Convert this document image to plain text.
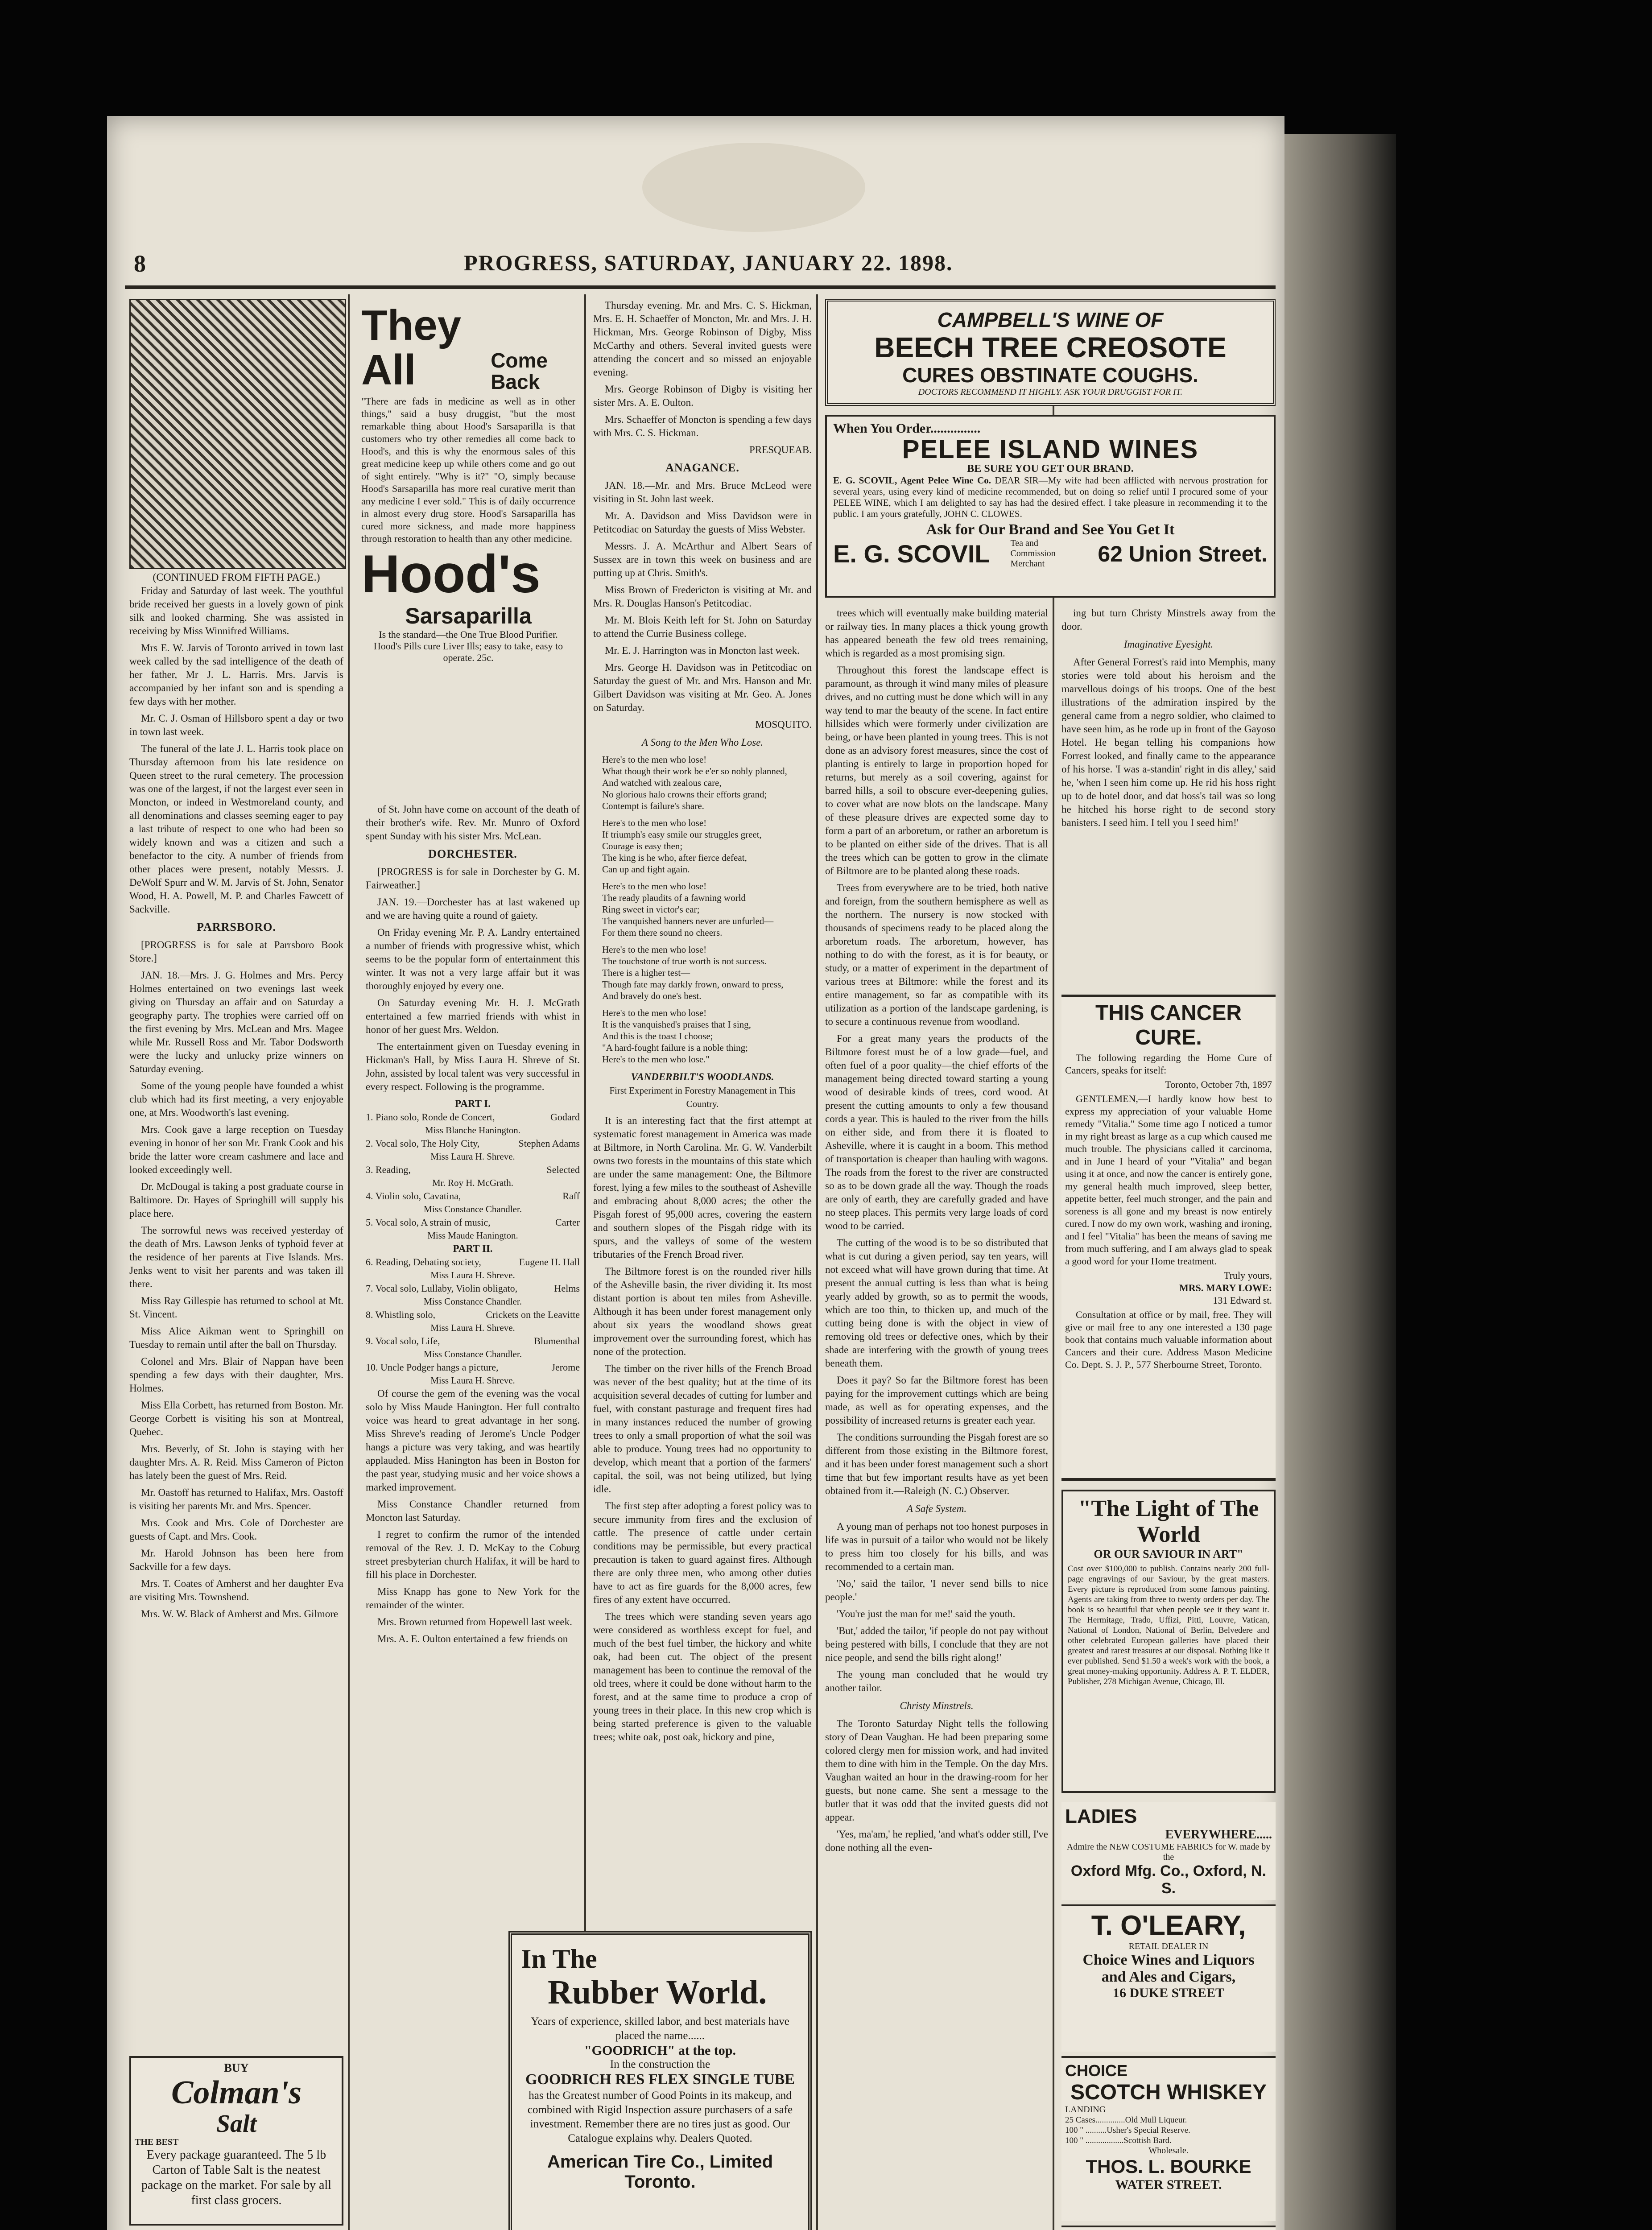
8	PROGRESS, SATURDAY, JANUARY 22. 1898.
(CONTINUED FROM FIFTH PAGE.)

Friday and Saturday of last week. The youthful bride received her guests in a lovely gown of pink silk and looked charming. She was assisted in receiving by Miss Winnifred Williams.

Mrs E. W. Jarvis of Toronto arrived in town last week called by the sad intelligence of the death of her father, Mr J. L. Harris. Mrs. Jarvis is accompanied by her infant son and is spending a few days with her mother.

Mr. C. J. Osman of Hillsboro spent a day or two in town last week.

The funeral of the late J. L. Harris took place on Thursday afternoon from his late residence on Queen street to the rural cemetery. The procession was one of the largest, if not the largest ever seen in Moncton, or indeed in Westmoreland county, and all denominations and classes seeming eager to pay a last tribute of respect to one who had been so widely known and was a citizen and such a benefactor to the city. A number of friends from other places were present, notably Messrs. J. DeWolf Spurr and W. M. Jarvis of St. John, Senator Wood, H. A. Powell, M. P. and Charles Fawcett of Sackville.

PARRSBORO.

[PROGRESS is for sale at Parrsboro Book Store.]

JAN. 18.—Mrs. J. G. Holmes and Mrs. Percy Holmes entertained on two evenings last week giving on Thursday an affair and on Saturday a geography party. The trophies were carried off on the first evening by Mrs. McLean and Mrs. Magee while Mr. Russell Ross and Mr. Tabor Dodsworth were the lucky and unlucky prize winners on Saturday evening.

Some of the young people have founded a whist club which had its first meeting, a very enjoyable one, at Mrs. Woodworth's last evening.

Mrs. Cook gave a large reception on Tuesday evening in honor of her son Mr. Frank Cook and his bride the latter wore cream cashmere and lace and looked exceedingly well.

Dr. McDougal is taking a post graduate course in Baltimore. Dr. Hayes of Springhill will supply his place here.

The sorrowful news was received yesterday of the death of Mrs. Lawson Jenks of typhoid fever at the residence of her parents at Five Islands. Mrs. Jenks went to visit her parents and was taken ill there.

Miss Ray Gillespie has returned to school at Mt. St. Vincent.

Miss Alice Aikman went to Springhill on Tuesday to remain until after the ball on Thursday.

Colonel and Mrs. Blair of Nappan have been spending a few days with their daughter, Mrs. Holmes.

Miss Ella Corbett, has returned from Boston. Mr. George Corbett is visiting his son at Montreal, Quebec.

Mrs. Beverly, of St. John is staying with her daughter Mrs. A. R. Reid. Miss Cameron of Picton has lately been the guest of Mrs. Reid.

Mr. Oastoff has returned to Halifax, Mrs. Oastoff is visiting her parents Mr. and Mrs. Spencer.

Mrs. Cook and Mrs. Cole of Dorchester are guests of Capt. and Mrs. Cook.

Mr. Harold Johnson has been here from Sackville for a few days.

Mrs. T. Coates of Amherst and her daughter Eva are visiting Mrs. Townshend.

Mrs. W. W. Black of Amherst and Mrs. Gilmore

BUY
Colman's
Salt
THE BEST
Every package guaranteed. The 5 lb Carton of Table Salt is the neatest package on the market. For sale by all first class grocers.
They All	Come Back
"There are fads in medicine as well as in other things," said a busy druggist, "but the most remarkable thing about Hood's Sarsaparilla is that customers who try other remedies all come back to Hood's, and this is why the enormous sales of this great medicine keep up while others come and go out of sight entirely. "Why is it?" "O, simply because Hood's Sarsaparilla has more real curative merit than any medicine I ever sold." This is of daily occurrence in almost every drug store. Hood's Sarsaparilla has cured more sickness, and made more happiness through restoration to health than any other medicine.
Hood's
Sarsaparilla
Is the standard—the One True Blood Purifier.
Hood's Pills cure Liver Ills; easy to take, easy to operate. 25c.

of St. John have come on account of the death of their brother's wife. Rev. Mr. Munro of Oxford spent Sunday with his sister Mrs. McLean.

DORCHESTER.

[PROGRESS is for sale in Dorchester by G. M. Fairweather.]

JAN. 19.—Dorchester has at last wakened up and we are having quite a round of gaiety.

On Friday evening Mr. P. A. Landry entertained a number of friends with progressive whist, which seems to be the popular form of entertainment this winter. It was not a very large affair but it was thoroughly enjoyed by every one.

On Saturday evening Mr. H. J. McGrath entertained a few married friends with whist in honor of her guest Mrs. Weldon.

The entertainment given on Tuesday evening in Hickman's Hall, by Miss Laura H. Shreve of St. John, assisted by local talent was very successful in every respect. Following is the programme.

PART I.
1. Piano solo, Ronde de Concert,	Godard
Miss Blanche Hanington.
2. Vocal solo, The Holy City,	Stephen Adams
Miss Laura H. Shreve.
3. Reading,	Selected
Mr. Roy H. McGrath.
4. Violin solo, Cavatina,	Raff
Miss Constance Chandler.
5. Vocal solo, A strain of music,	Carter
Miss Maude Hanington.
PART II.
6. Reading, Debating society,	Eugene H. Hall
Miss Laura H. Shreve.
7. Vocal solo, Lullaby, Violin obligato,	Helms
Miss Constance Chandler.
8. Whistling solo,	Crickets on the Leavitte
Miss Laura H. Shreve.
9. Vocal solo, Life,	Blumenthal
Miss Constance Chandler.
10. Uncle Podger hangs a picture,	Jerome
Miss Laura H. Shreve.

Of course the gem of the evening was the vocal solo by Miss Maude Hanington. Her full contralto voice was heard to great advantage in her song. Miss Shreve's reading of Jerome's Uncle Podger hangs a picture was very taking, and was heartily applauded. Miss Hanington has been in Boston for the past year, studying music and her voice shows a marked improvement.

Miss Constance Chandler returned from Moncton last Saturday.

I regret to confirm the rumor of the intended removal of the Rev. J. D. McKay to the Coburg street presbyterian church Halifax, it will be hard to fill his place in Dorchester.

Miss Knapp has gone to New York for the remainder of the winter.

Mrs. Brown returned from Hopewell last week.

Mrs. A. E. Oulton entertained a few friends on

Thursday evening. Mr. and Mrs. C. S. Hickman, Mrs. E. H. Schaeffer of Moncton, Mr. and Mrs. J. H. Hickman, Mrs. George Robinson of Digby, Miss McCarthy and others. Several invited guests were attending the concert and so missed an enjoyable evening.

Mrs. George Robinson of Digby is visiting her sister Mrs. A. E. Oulton.

Mrs. Schaeffer of Moncton is spending a few days with Mrs. C. S. Hickman.

PRESQUEAB.
ANAGANCE.

JAN. 18.—Mr. and Mrs. Bruce McLeod were visiting in St. John last week.

Mr. A. Davidson and Miss Davidson were in Petitcodiac on Saturday the guests of Miss Webster.

Messrs. J. A. McArthur and Albert Sears of Sussex are in town this week on business and are putting up at Chris. Smith's.

Miss Brown of Fredericton is visiting at Mr. and Mrs. R. Douglas Hanson's Petitcodiac.

Mr. M. Blois Keith left for St. John on Saturday to attend the Currie Business college.

Mr. E. J. Harrington was in Moncton last week.

Mrs. George H. Davidson was in Petitcodiac on Saturday the guest of Mr. and Mrs. Hanson and Mr. Gilbert Davidson was visiting at Mr. Geo. A. Jones on Saturday.

MOSQUITO.
A Song to the Men Who Lose.
Here's to the men who lose!
What though their work be e'er so nobly planned,
And watched with zealous care,
No glorious halo crowns their efforts grand;
Contempt is failure's share.
Here's to the men who lose!
If triumph's easy smile our struggles greet,
Courage is easy then;
The king is he who, after fierce defeat,
Can up and fight again.
Here's to the men who lose!
The ready plaudits of a fawning world
Ring sweet in victor's ear;
The vanquished banners never are unfurled—
For them there sound no cheers.
Here's to the men who lose!
The touchstone of true worth is not success.
There is a higher test—
Though fate may darkly frown, onward to press,
And bravely do one's best.
Here's to the men who lose!
It is the vanquished's praises that I sing,
And this is the toast I choose;
"A hard-fought failure is a noble thing;
Here's to the men who lose."
VANDERBILT'S WOODLANDS.
First Experiment in Forestry Management in This Country.

It is an interesting fact that the first attempt at systematic forest management in America was made at Biltmore, in North Carolina. Mr. G. W. Vanderbilt owns two forests in the mountains of this state which are under the same management: One, the Biltmore forest, lying a few miles to the southeast of Asheville and embracing about 8,000 acres; the other the Pisgah forest of 95,000 acres, covering the eastern and southern slopes of the Pisgah ridge with its spurs, and the valleys of some of the western tributaries of the French Broad river.

The Biltmore forest is on the rounded river hills of the Asheville basin, the river dividing it. Its most distant portion is about ten miles from Asheville. Although it has been under forest management only about six years the woodland shows great improvement over the surrounding forest, which has none of the protection.

The timber on the river hills of the French Broad was never of the best quality; but at the time of its acquisition several decades of cutting for lumber and fuel, with constant pasturage and frequent fires had in many instances reduced the number of growing trees to only a small proportion of what the soil was able to produce. Young trees had no opportunity to develop, which meant that a portion of the farmers' capital, the soil, was not being utilized, but lying idle.

The first step after adopting a forest policy was to secure immunity from fires and the exclusion of cattle. The presence of cattle under certain conditions may be permissible, but every practical precaution is taken to guard against fires. Although there are only three men, who among other duties have to act as fire guards for the 8,000 acres, few fires of any extent have occurred.

The trees which were standing seven years ago were considered as worthless except for fuel, and much of the best fuel timber, the hickory and white oak, had been cut. The object of the present management has been to continue the removal of the old trees, where it could be done without harm to the forest, and at the same time to produce a crop of young trees in their place. In this new crop which is being started preference is given to the valuable trees; white oak, post oak, hickory and pine,

In The
Rubber World.
Years of experience, skilled labor, and best materials have placed the name......
"GOODRICH" at the top.
In the construction the
GOODRICH RES FLEX SINGLE TUBE
has the Greatest number of Good Points in its makeup, and combined with Rigid Inspection assure purchasers of a safe investment. Remember there are no tires just as good. Our Catalogue explains why. Dealers Quoted.
American Tire Co., Limited Toronto.
CAMPBELL'S WINE OF
BEECH TREE CREOSOTE
CURES OBSTINATE COUGHS.
DOCTORS RECOMMEND IT HIGHLY. ASK YOUR DRUGGIST FOR IT.
When You Order...............
PELEE ISLAND WINES
BE SURE YOU GET OUR BRAND.
E. G. SCOVIL, Agent Pelee Wine Co. DEAR SIR—My wife had been afflicted with nervous prostration for several years, using every kind of medicine recommended, but on doing so relief until I procured some of your PELEE WINE, which I am delighted to say has had the desired effect. I take pleasure in recommending it to the public. I am yours gratefully, JOHN C. CLOWES.
Ask for Our Brand and See You Get It
E. G. SCOVIL Tea and Commission Merchant	62 Union Street.

trees which will eventually make building material or railway ties. In many places a thick young growth has appeared beneath the few old trees remaining, which is regarded as a most promising sign.

Throughout this forest the landscape effect is paramount, as through it wind many miles of pleasure drives, and no cutting must be done which will in any way tend to mar the beauty of the scene. In fact entire hillsides which were formerly under civilization are being, or have been planted in young trees. This is not done as an advisory forest measures, since the cost of planting is entirely to large in proportion hoped for returns, but merely as a soil covering, against for barred hills, a soil to obscure ever-deepening gulies, to cover what are now blots on the landscape. Many of these pleasure drives are expected some day to form a part of an arboretum, or rather an arboretum is to be planted on either side of the drives. That is all the trees which can be gotten to grow in the climate of Biltmore are to be planted along these roads.

Trees from everywhere are to be tried, both native and foreign, from the southern hemisphere as well as the northern. The nursery is now stocked with thousands of specimens ready to be placed along the arboretum roads. The arboretum, however, has nothing to do with the forest, as it is for beauty, or study, or a matter of experiment in the department of various trees at Biltmore: while the forest and its entire management, so far as compatible with its utilization as a portion of the landscape gardening, is to secure a continuous revenue from woodland.

For a great many years the products of the Biltmore forest must be of a low grade—fuel, and often fuel of a poor quality—the chief efforts of the management being directed toward starting a young wood of desirable kinds of trees, cord wood. At present the cutting amounts to only a few thousand cords a year. This is hauled to the river from the hills on either side, and from there it is floated to Asheville, where it is caught in a boom. This method of transportation is cheaper than hauling with wagons. The roads from the forest to the river are constructed so as to be down grade all the way. Though the roads are only of earth, they are carefully graded and have no steep places. This permits very large loads of cord wood to be carried.

The cutting of the wood is to be so distributed that what is cut during a given period, say ten years, will not exceed what will have grown during that time. At present the annual cutting is less than what is being yearly added by growth, so as to permit the woods, which are too thin, to thicken up, and much of the cutting being done is with the object in view of removing old trees or defective ones, which by their shade are interfering with the growth of young trees beneath them.

Does it pay? So far the Biltmore forest has been paying for the improvement cuttings which are being made, as well as for operating expenses, and the possibility of increased returns is greater each year.

The conditions surrounding the Pisgah forest are so different from those existing in the Biltmore forest, and it has been under forest management such a short time that but few important results have as yet been obtained from it.—Raleigh (N. C.) Observer.

A Safe System.

A young man of perhaps not too honest purposes in life was in pursuit of a tailor who would not be likely to press him too closely for his bills, and was recommended to a certain man.

'No,' said the tailor, 'I never send bills to nice people.'

'You're just the man for me!' said the youth.

'But,' added the tailor, 'if people do not pay without being pestered with bills, I conclude that they are not nice people, and send the bills right along!'

The young man concluded that he would try another tailor.

Christy Minstrels.

The Toronto Saturday Night tells the following story of Dean Vaughan. He had been preparing some colored clergy men for mission work, and had invited them to dine with him in the Temple. On the day Mrs. Vaughan waited an hour in the drawing-room for her guests, but none came. She sent a message to the butler that it was odd that the invited guests did not appear.

'Yes, ma'am,' he replied, 'and what's odder still, I've done nothing all the even-

ing but turn Christy Minstrels away from the door.

Imaginative Eyesight.

After General Forrest's raid into Memphis, many stories were told about his heroism and the marvellous doings of his troops. One of the best illustrations of the admiration inspired by the general came from a negro soldier, who claimed to have seen him, as he rode up in front of the Gayoso Hotel. He began telling his companions how Forrest looked, and finally came to the appearance of his horse. 'I was a-standin' right in dis alley,' said he, 'when I seen him come up. He rid his hoss right up to de hotel door, and dat hoss's tail was so long he hitched his horse right to de second story banisters. I seed him. I tell you I seed him!'

THIS CANCER CURE.

The following regarding the Home Cure of Cancers, speaks for itself:

Toronto, October 7th, 1897

GENTLEMEN,—I hardly know how best to express my appreciation of your valuable Home remedy "Vitalia." Some time ago I noticed a tumor in my right breast as large as a cup which caused me much trouble. The physicians called it carcinoma, and in June I heard of your "Vitalia" and began using it at once, and now the cancer is entirely gone, my general health much improved, sleep better, appetite better, feel much stronger, and the pain and soreness is all gone and my breast is now entirely cured. I now do my own work, washing and ironing, and I feel "Vitalia" has been the means of saving me from much suffering, and I am always glad to speak a good word for your Home treatment.

Truly yours,
MRS. MARY LOWE:
131 Edward st.

Consultation at office or by mail, free. They will give or mail free to any one interested a 130 page book that contains much valuable information about Cancers and their cure. Address Mason Medicine Co. Dept. S. J. P., 577 Sherbourne Street, Toronto.

"The Light of The
World
OR OUR SAVIOUR IN ART"
Cost over $100,000 to publish. Contains nearly 200 full-page engravings of our Saviour, by the great masters. Every picture is reproduced from some famous painting. Agents are taking from three to twenty orders per day. The book is so beautiful that when people see it they want it. The Hermitage, Trado, Uffizi, Pitti, Louvre, Vatican, National of London, National of Berlin, Belvedere and other celebrated European galleries have placed their greatest and rarest treasures at our disposal. Nothing like it ever published. Send $1.50 a week's work with the book, a great money-making opportunity. Address A. P. T. ELDER, Publisher, 278 Michigan Avenue, Chicago, Ill.
LADIES
EVERYWHERE.....
Admire the NEW COSTUME FABRICS for W. made by the
Oxford Mfg. Co., Oxford, N. S.
T. O'LEARY,
RETAIL DEALER IN
Choice Wines and Liquors
and Ales and Cigars,
16 DUKE STREET
CHOICE
SCOTCH WHISKEY
LANDING
25 Cases..............Old Mull Liqueur.
100 " ..........Usher's Special Reserve.
100 " ..................Scottish Bard.
Wholesale.
THOS. L. BOURKE
WATER STREET.
